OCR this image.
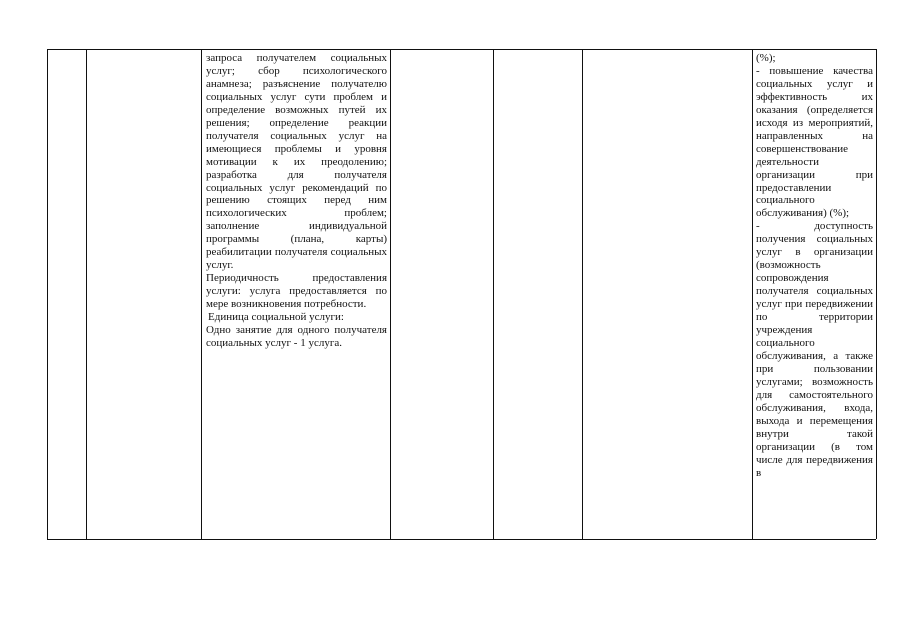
запроса получателем социальных услуг; сбор психологического анамнеза; разъяснение получателю социальных услуг сути проблем и определение возможных путей их решения; определение реакции получателя социальных услуг на имеющиеся проблемы и уровня мотивации к их преодолению; разработка для получателя социальных услуг рекомендаций по решению стоящих перед ним психологических проблем; заполнение индивидуальной программы (плана, карты) реабилитации получателя социальных услуг.

Периодичность предоставления услуги: услуга предоставляется по мере возникновения потребности.

Единица социальной услуги:

Одно занятие для одного получателя социальных услуг - 1 услуга.

(%);

- повышение качества социальных услуг и эффективность их оказания (определяется исходя из мероприятий, направленных на совершенствование деятельности организации при предоставлении социального обслуживания) (%);

- доступность получения социальных услуг в организации (возможность сопровождения получателя социальных услуг при передвижении по территории учреждения социального обслуживания, а также при пользовании услугами; возможность для самостоятельного обслуживания, входа, выхода и перемещения внутри такой организации (в том числе для передвижения в
